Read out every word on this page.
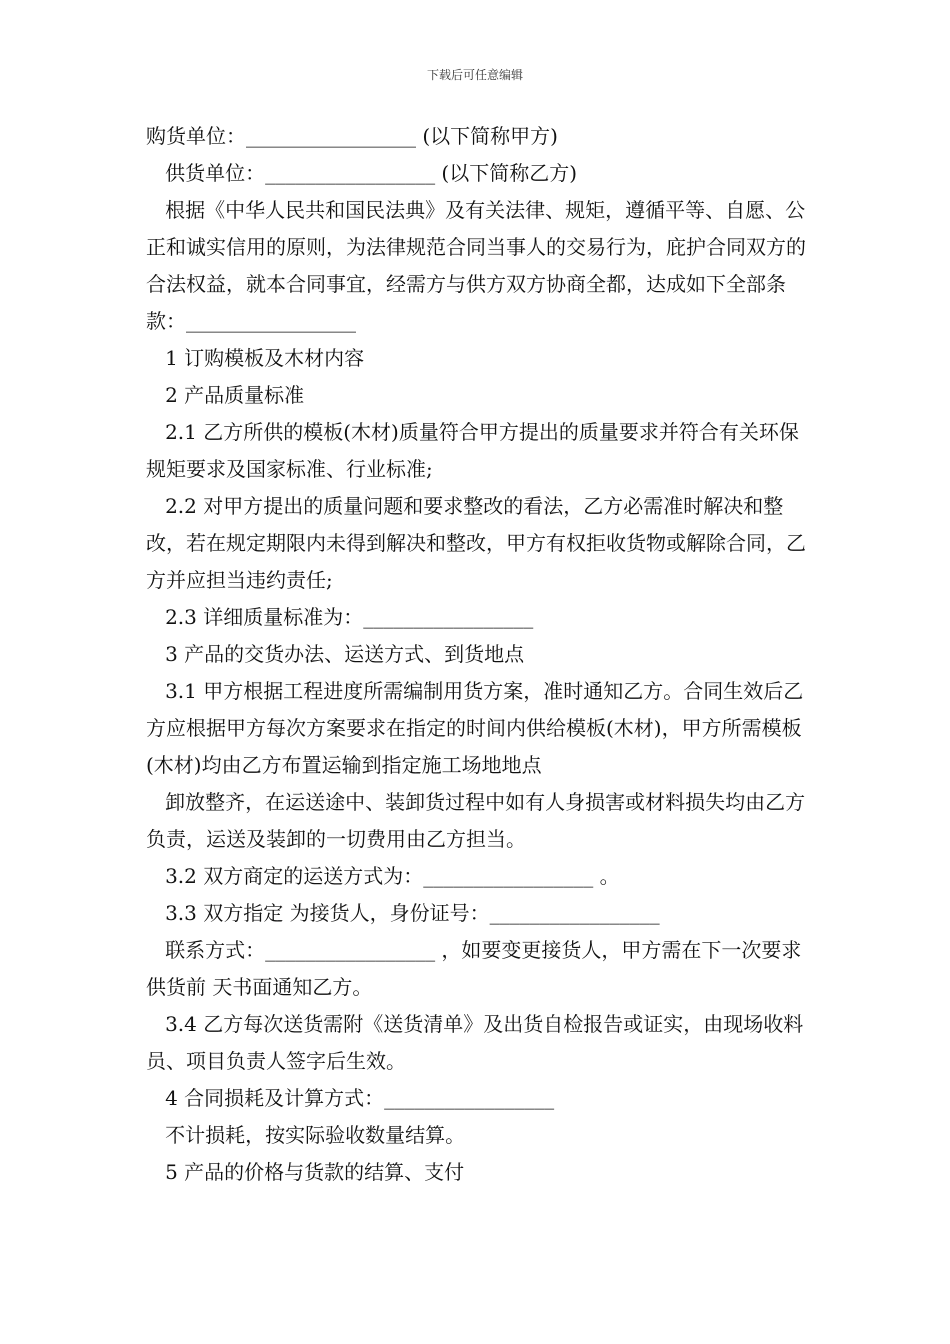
下载后可任意编辑

购货单位：_________________ (以下简称甲方)

供货单位：_________________ (以下简称乙方)

根据《中华人民共和国民法典》及有关法律、规矩，遵循平等、自愿、公正和诚实信用的原则，为法律规范合同当事人的交易行为，庇护合同双方的合法权益，就本合同事宜，经需方与供方双方协商全都，达成如下全部条款：_________________

1 订购模板及木材内容

2 产品质量标准

2.1 乙方所供的模板(木材)质量符合甲方提出的质量要求并符合有关环保规矩要求及国家标准、行业标准;

2.2 对甲方提出的质量问题和要求整改的看法，乙方必需准时解决和整改，若在规定期限内未得到解决和整改，甲方有权拒收货物或解除合同，乙方并应担当违约责任;

2.3 详细质量标准为：_________________

3 产品的交货办法、运送方式、到货地点

3.1 甲方根据工程进度所需编制用货方案，准时通知乙方。合同生效后乙方应根据甲方每次方案要求在指定的时间内供给模板(木材)，甲方所需模板(木材)均由乙方布置运输到指定施工场地地点

卸放整齐，在运送途中、装卸货过程中如有人身损害或材料损失均由乙方负责，运送及装卸的一切费用由乙方担当。

3.2 双方商定的运送方式为：_________________ 。

3.3 双方指定 为接货人，身份证号：_________________

联系方式：_________________ ，如要变更接货人，甲方需在下一次要求供货前 天书面通知乙方。

3.4 乙方每次送货需附《送货清单》及出货自检报告或证实，由现场收料员、项目负责人签字后生效。

4 合同损耗及计算方式：_________________

不计损耗，按实际验收数量结算。

5 产品的价格与货款的结算、支付
